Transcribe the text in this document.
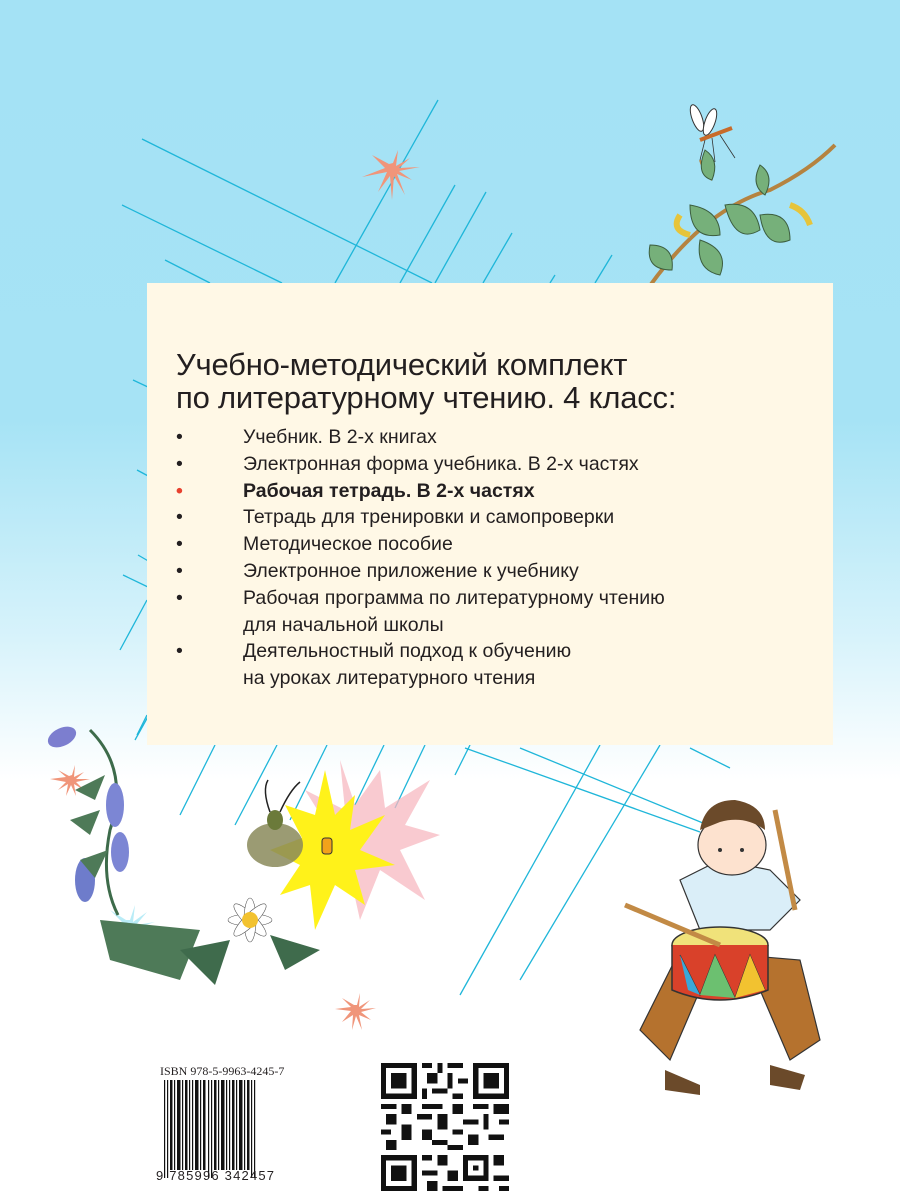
Учебно-методический комплект
по литературному чтению. 4 класс:
•	Учебник. В 2-х книгах
•	Электронная форма учебника. В 2-х частях
•	Рабочая тетрадь. В 2-х частях
•	Тетрадь для тренировки и самопроверки
•	Методическое пособие
•	Электронное приложение к учебнику
•	Рабочая программа по литературному чтению
для начальной школы
•	Деятельностный подход к обучению
на уроках литературного чтения
ISBN 978-5-9963-4245-7
9 785996 342457
